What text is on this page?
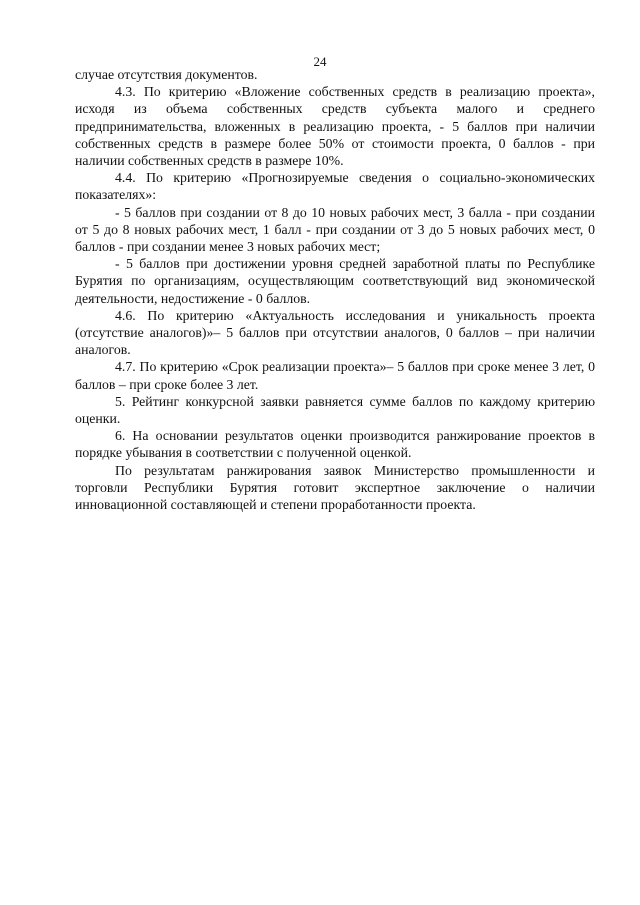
24

случае отсутствия документов.

4.3. По критерию «Вложение собственных средств в реализацию проекта», исходя из объема собственных средств субъекта малого и среднего предпринимательства, вложенных в реализацию проекта, - 5 баллов при наличии собственных средств в размере более 50% от стоимости проекта, 0 баллов - при наличии собственных средств в размере 10%.

4.4. По критерию «Прогнозируемые сведения о социально-экономических показателях»:

- 5 баллов при создании от 8 до 10 новых рабочих мест, 3 балла - при создании от 5 до 8 новых рабочих мест, 1 балл - при создании от 3 до 5 новых рабочих мест, 0 баллов - при создании менее 3 новых рабочих мест;

- 5 баллов при достижении уровня средней заработной платы по Республике Бурятия по организациям, осуществляющим соответствующий вид экономической деятельности, недостижение - 0 баллов.

4.6. По критерию «Актуальность исследования и уникальность проекта (отсутствие аналогов)»– 5 баллов при отсутствии аналогов, 0 баллов – при наличии аналогов.

4.7. По критерию «Срок реализации проекта»– 5 баллов при сроке менее 3 лет, 0 баллов – при сроке более 3 лет.

5. Рейтинг конкурсной заявки равняется сумме баллов по каждому критерию оценки.

6. На основании результатов оценки производится ранжирование проектов в порядке убывания в соответствии с полученной оценкой.

По результатам ранжирования заявок Министерство промышленности и торговли Республики Бурятия готовит экспертное заключение о наличии инновационной составляющей и степени проработанности проекта.
